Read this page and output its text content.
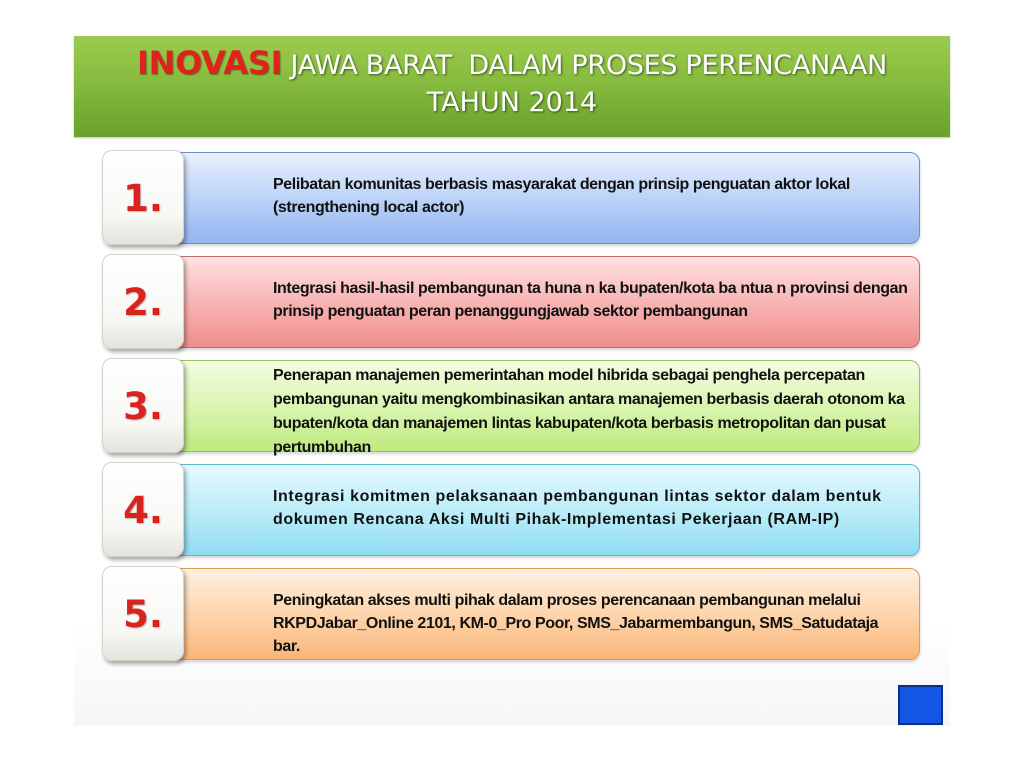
INOVASI JAWA BARAT  DALAM PROSES PERENCANAAN
TAHUN 2014
Pelibatan komunitas berbasis masyarakat dengan prinsip penguatan aktor lokal (strengthening local actor)
1.
Integrasi hasil-hasil pembangunan ta huna n ka bupaten/kota ba ntua n provinsi dengan prinsip penguatan peran penanggungjawab sektor pembangunan
2.
Penerapan manajemen pemerintahan model hibrida sebagai penghela percepatan pembangunan yaitu mengkombinasikan antara manajemen berbasis daerah otonom ka bupaten/kota dan manajemen lintas kabupaten/kota berbasis metropolitan dan pusat pertumbuhan
3.
Integrasi komitmen pelaksanaan pembangunan lintas sektor dalam bentuk dokumen Rencana Aksi Multi Pihak-Implementasi Pekerjaan (RAM-IP)
4.
Peningkatan akses multi pihak dalam proses perencanaan pembangunan melalui RKPDJabar_Online 2101, KM-0_Pro Poor, SMS_Jabarmembangun, SMS_Satudataja bar.
5.
